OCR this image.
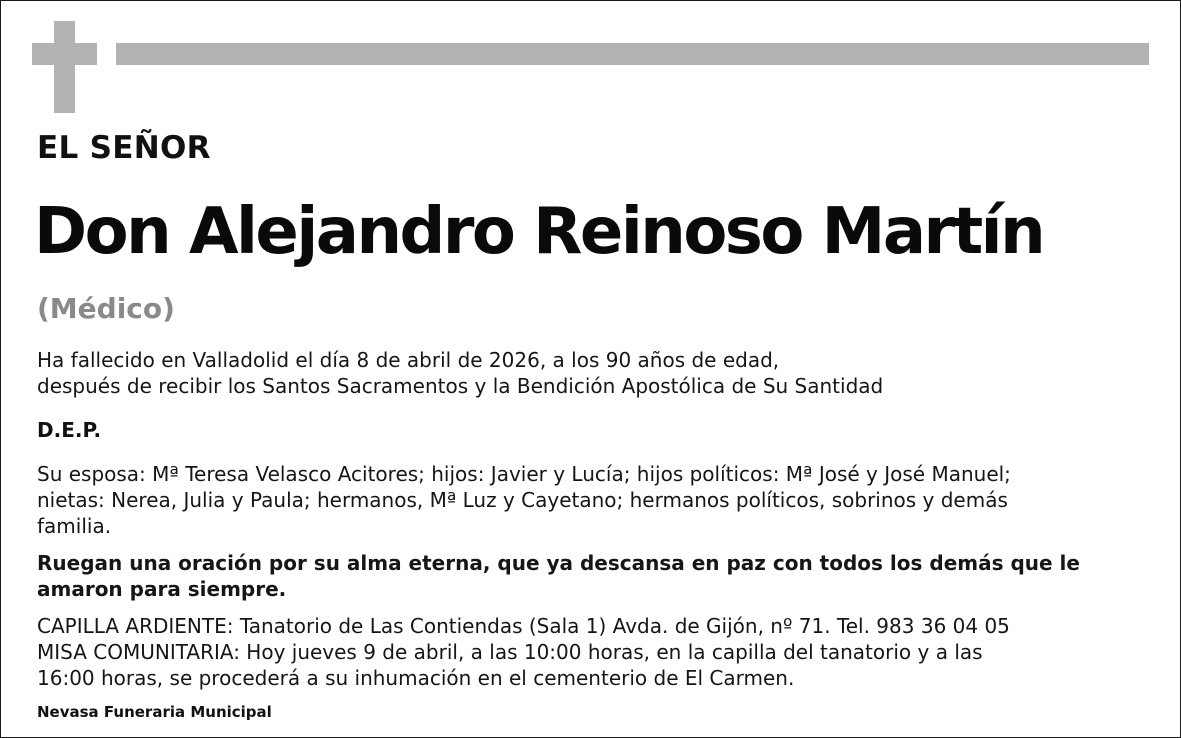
EL SEÑOR
Don Alejandro Reinoso Martín
(Médico)
Ha fallecido en Valladolid el día 8 de abril de 2026, a los 90 años de edad,
después de recibir los Santos Sacramentos y la Bendición Apostólica de Su Santidad
D.E.P.
Su esposa: Mª Teresa Velasco Acitores; hijos: Javier y Lucía; hijos políticos: Mª José y José Manuel;
nietas: Nerea, Julia y Paula; hermanos, Mª Luz y Cayetano; hermanos políticos, sobrinos y demás
familia.
Ruegan una oración por su alma eterna, que ya descansa en paz con todos los demás que le
amaron para siempre.
CAPILLA ARDIENTE: Tanatorio de Las Contiendas (Sala 1) Avda. de Gijón, nº 71. Tel. 983 36 04 05
MISA COMUNITARIA: Hoy jueves 9 de abril, a las 10:00 horas, en la capilla del tanatorio y a las
16:00 horas, se procederá a su inhumación en el cementerio de El Carmen.
Nevasa Funeraria Municipal
